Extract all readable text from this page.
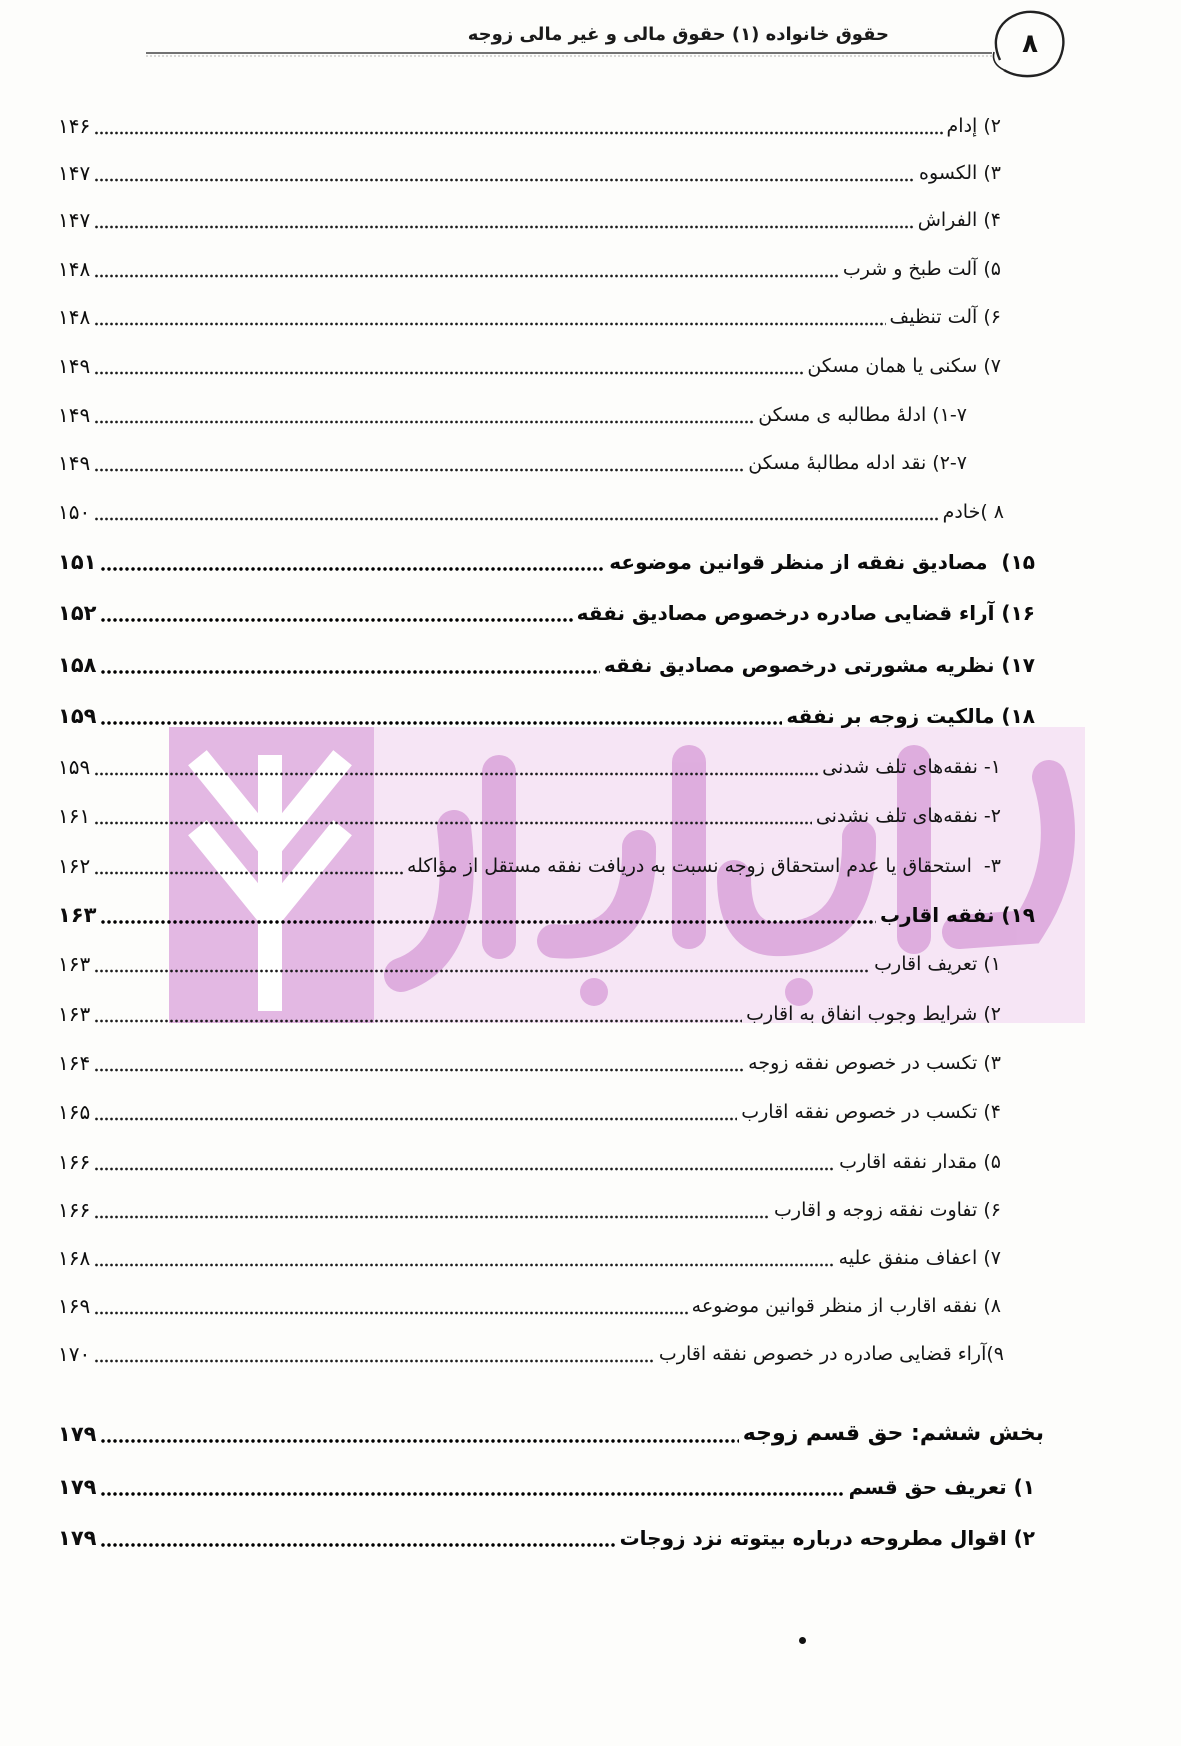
حقوق خانواده (۱) حقوق مالی و غیر مالی زوجه	۸
۲) إدام
۱۴۶
۳) الکسوه
۱۴۷
۴) الفراش
۱۴۷
۵) آلت طبخ و شرب
۱۴۸
۶) آلت تنظیف
۱۴۸
۷) سکنی یا همان مسکن
۱۴۹
۱-۷) ادلهٔ مطالبه ی مسکن
۱۴۹
۲-۷) نقد ادله مطالبهٔ مسکن
۱۴۹
۸ )خادم
۱۵۰
۱۵)  مصادیق نفقه از منظر قوانین موضوعه
۱۵۱
۱۶) آراء قضایی صادره درخصوص مصادیق نفقه
۱۵۲
۱۷) نظریه مشورتی درخصوص مصادیق نفقه
۱۵۸
۱۸) مالکیت زوجه بر نفقه
۱۵۹
۱- نفقه‌های تلف شدنی
۱۵۹
۲- نفقه‌های تلف نشدنی
۱۶۱
۳-  استحقاق یا عدم استحقاق زوجه نسبت به دریافت نفقه مستقل از مؤاکله
۱۶۲
۱۹) نفقه اقارب
۱۶۳
۱) تعریف اقارب
۱۶۳
۲) شرایط وجوب انفاق به اقارب
۱۶۳
۳) تکسب در خصوص نفقه زوجه
۱۶۴
۴) تکسب در خصوص نفقه اقارب
۱۶۵
۵) مقدار نفقه اقارب
۱۶۶
۶) تفاوت نفقه زوجه و اقارب
۱۶۶
۷) اعفاف منفق علیه
۱۶۸
۸) نفقه اقارب از منظر قوانین موضوعه
۱۶۹
۹)آراء قضایی صادره در خصوص نفقه اقارب
۱۷۰
بخش ششم: حق قسم زوجه
۱۷۹
۱) تعریف حق قسم
۱۷۹
۲) اقوال مطروحه درباره بیتوته نزد زوجات
۱۷۹
